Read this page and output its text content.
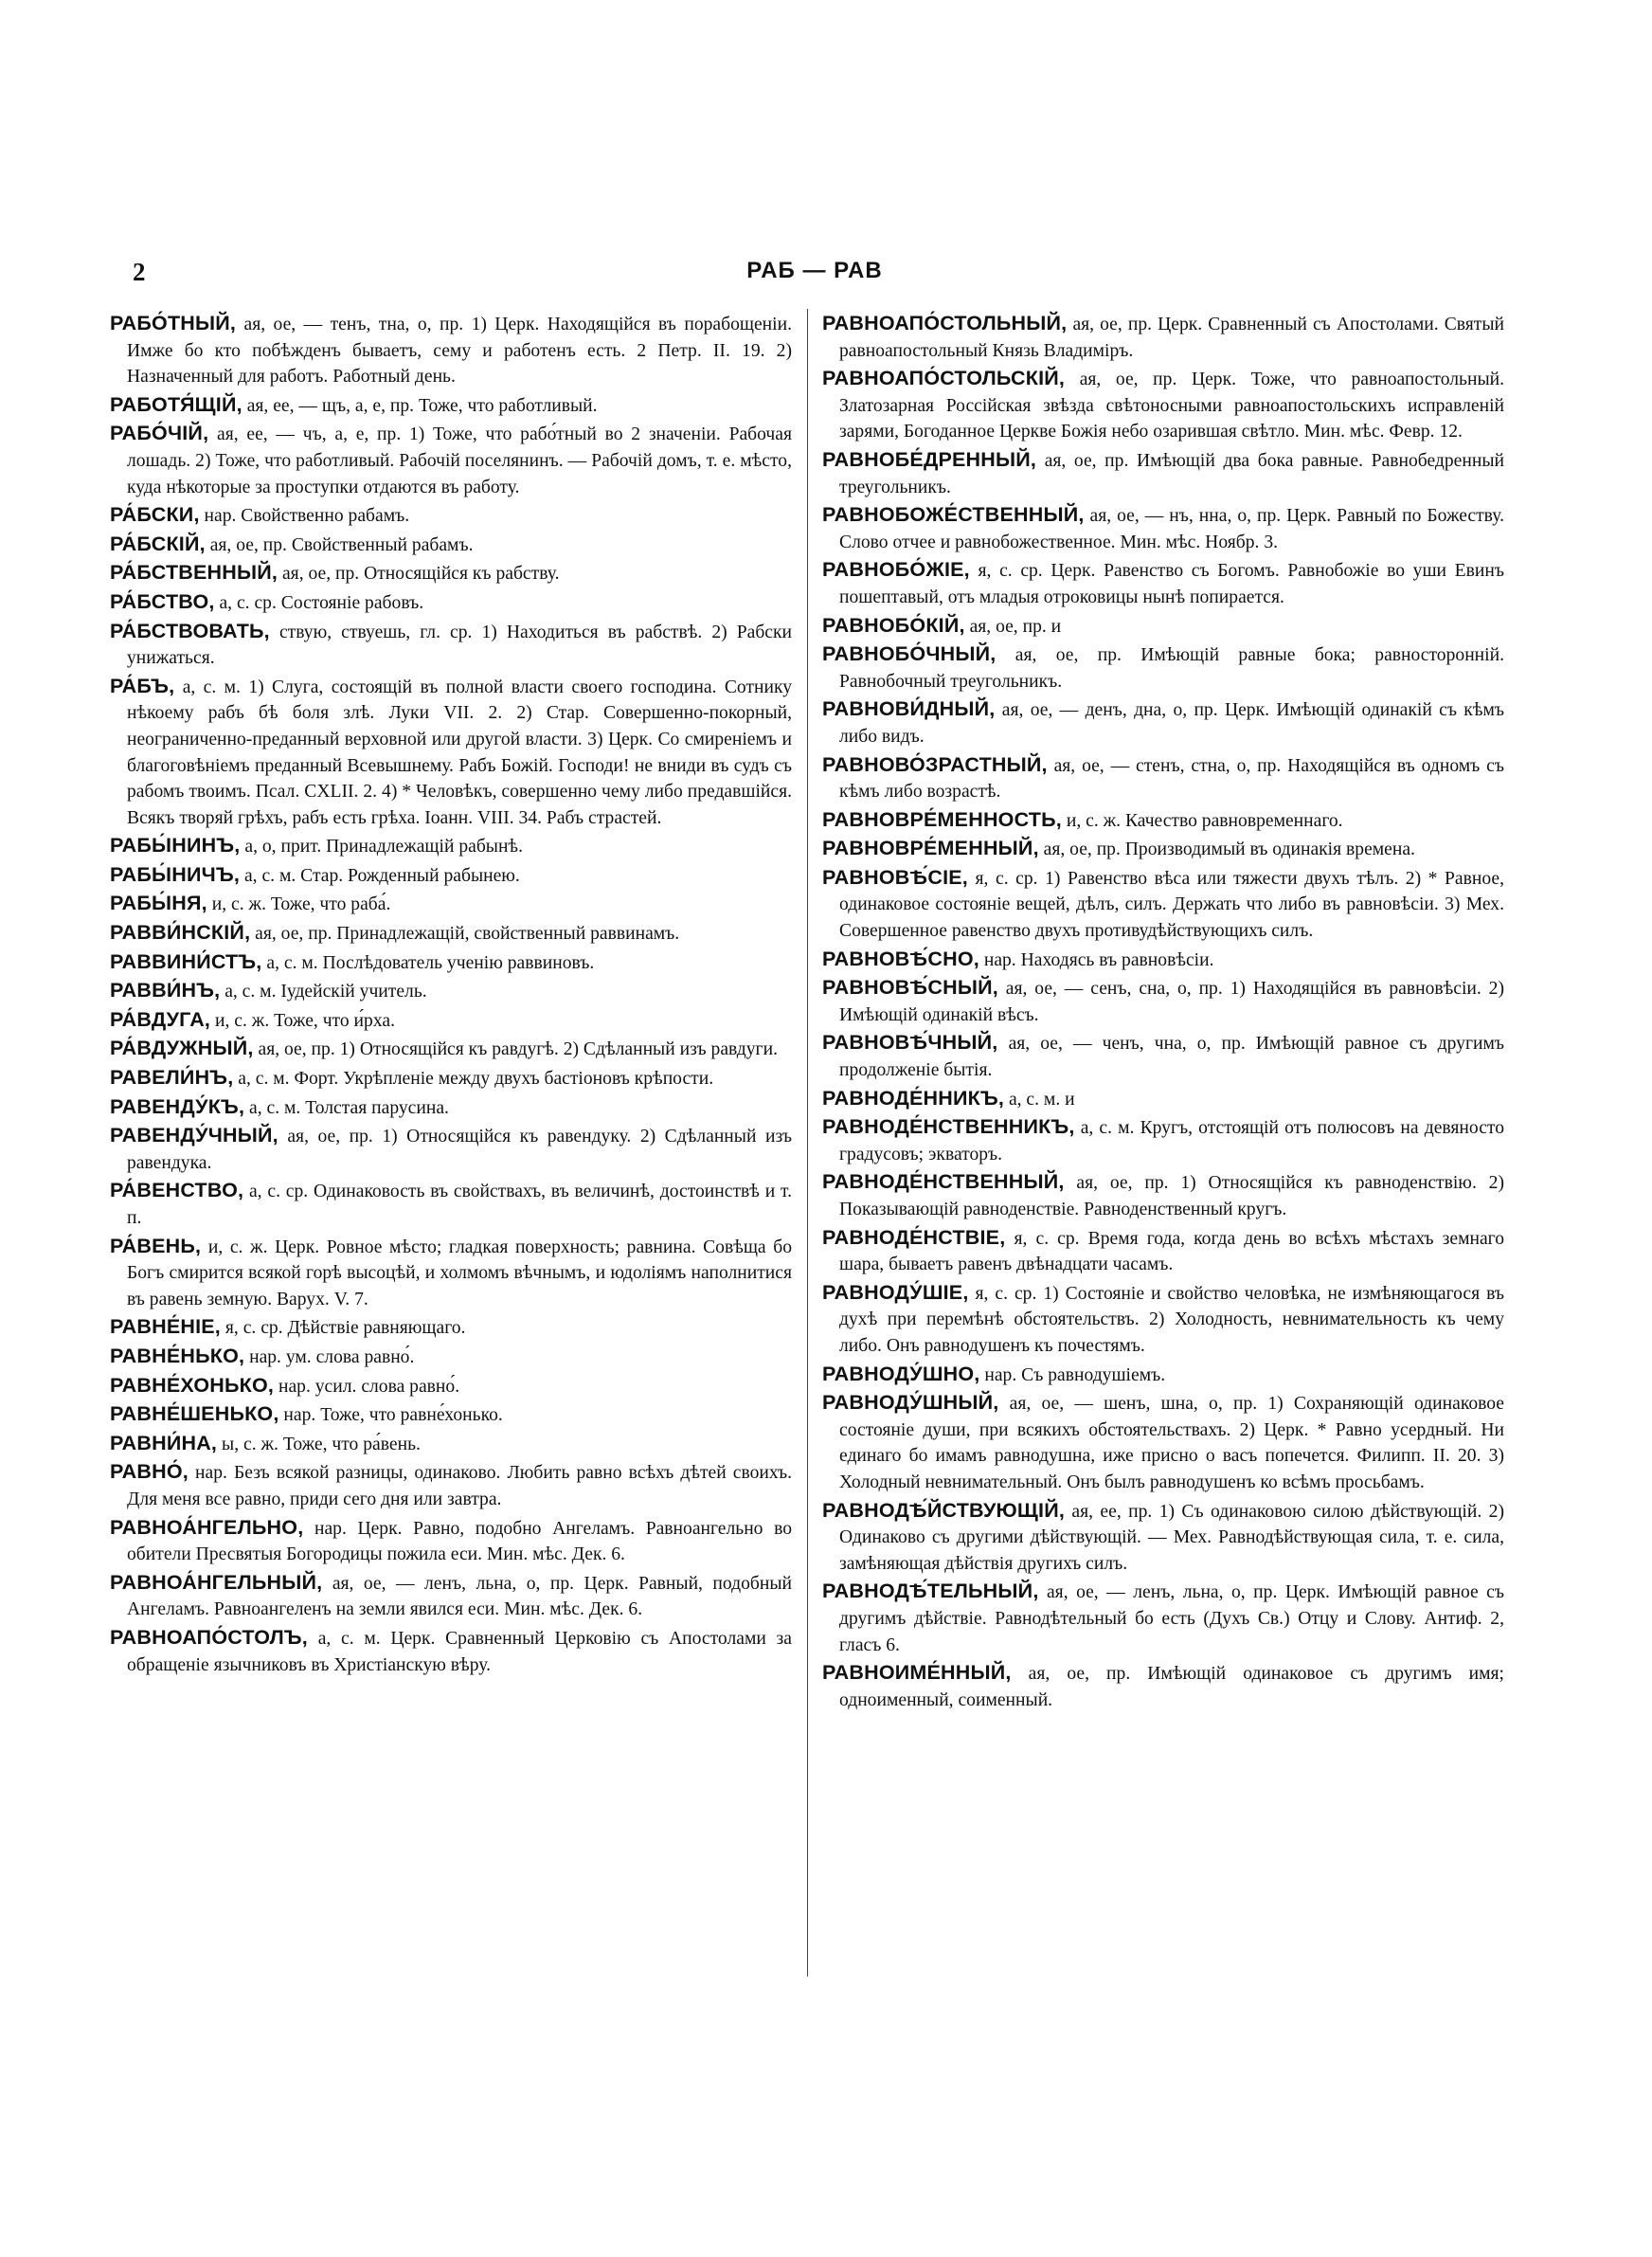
2	РАБ — РАВ

РАБО́ТНЫЙ, ая, ое, — тенъ, тна, о, пр. 1) Церк. Находящійся въ порабощеніи. Имже бо кто побѣжденъ бываетъ, сему и работенъ есть. 2 Петр. II. 19. 2) Назначенный для работъ. Работный день.

РАБОТЯ́ЩІЙ, ая, ее, — щъ, а, е, пр. Тоже, что работливый.

РАБО́ЧІЙ, ая, ее, — чъ, а, е, пр. 1) Тоже, что рабо́тный во 2 значеніи. Рабочая лошадь. 2) Тоже, что работливый. Рабочій поселянинъ. — Рабочій домъ, т. е. мѣсто, куда нѣкоторые за проступки отдаются въ работу.

РА́БСКИ, нар. Свойственно рабамъ.

РА́БСКІЙ, ая, ое, пр. Свойственный рабамъ.

РА́БСТВЕННЫЙ, ая, ое, пр. Относящійся къ рабству.

РА́БСТВО, а, с. ср. Состояніе рабовъ.

РА́БСТВОВАТЬ, ствую, ствуешь, гл. ср. 1) Находиться въ рабствѣ. 2) Рабски унижаться.

РА́БЪ, а, с. м. 1) Слуга, состоящій въ полной власти своего господина. Сотнику нѣкоему рабъ бѣ боля злѣ. Луки VII. 2. 2) Стар. Совершенно-покорный, неограниченно-преданный верховной или другой власти. 3) Церк. Со смиреніемъ и благоговѣніемъ преданный Всевышнему. Рабъ Божій. Господи! не вниди въ судъ съ рабомъ твоимъ. Псал. CXLII. 2. 4) * Человѣкъ, совершенно чему либо предавшійся. Всякъ творяй грѣхъ, рабъ есть грѣха. Іоанн. VIII. 34. Рабъ страстей.

РАБЫ́НИНЪ, а, о, прит. Принадлежащій рабынѣ.

РАБЫ́НИЧЪ, а, с. м. Стар. Рожденный рабынею.

РАБЫ́НЯ, и, с. ж. Тоже, что раба́.

РАВВИ́НСКІЙ, ая, ое, пр. Принадлежащій, свойственный раввинамъ.

РАВВИНИ́СТЪ, а, с. м. Послѣдователь ученію раввиновъ.

РАВВИ́НЪ, а, с. м. Іудейскій учитель.

РА́ВДУГА, и, с. ж. Тоже, что и́рха.

РА́ВДУЖНЫЙ, ая, ое, пр. 1) Относящійся къ равдугѣ. 2) Сдѣланный изъ равдуги.

РАВЕЛИ́НЪ, а, с. м. Форт. Укрѣпленіе между двухъ бастіоновъ крѣпости.

РАВЕНДУ́КЪ, а, с. м. Толстая парусина.

РАВЕНДУ́ЧНЫЙ, ая, ое, пр. 1) Относящійся къ равендуку. 2) Сдѣланный изъ равендука.

РА́ВЕНСТВО, а, с. ср. Одинаковость въ свойствахъ, въ величинѣ, достоинствѣ и т. п.

РА́ВЕНЬ, и, с. ж. Церк. Ровное мѣсто; гладкая поверхность; равнина. Совѣща бо Богъ смирится всякой горѣ высоцѣй, и холмомъ вѣчнымъ, и юдоліямъ наполнитися въ равень земную. Варух. V. 7.

РАВНЕ́НІЕ, я, с. ср. Дѣйствіе равняющаго.

РАВНЕ́НЬКО, нар. ум. слова равно́.

РАВНЕ́ХОНЬКО, нар. усил. слова равно́.

РАВНЕ́ШЕНЬКО, нар. Тоже, что равне́хонько.

РАВНИ́НА, ы, с. ж. Тоже, что ра́вень.

РАВНО́, нар. Безъ всякой разницы, одинаково. Любить равно всѣхъ дѣтей своихъ. Для меня все равно, приди сего дня или завтра.

РАВНОА́НГЕЛЬНО, нар. Церк. Равно, подобно Ангеламъ. Равноангельно во обители Пресвятыя Богородицы пожила еси. Мин. мѣс. Дек. 6.

РАВНОА́НГЕЛЬНЫЙ, ая, ое, — ленъ, льна, о, пр. Церк. Равный, подобный Ангеламъ. Равноангеленъ на земли явился еси. Мин. мѣс. Дек. 6.

РАВНОАПО́СТОЛЪ, а, с. м. Церк. Сравненный Церковію съ Апостолами за обращеніе язычниковъ въ Христіанскую вѣру.

РАВНОАПО́СТОЛЬНЫЙ, ая, ое, пр. Церк. Сравненный съ Апостолами. Святый равноапостольный Князь Владиміръ.

РАВНОАПО́СТОЛЬСКІЙ, ая, ое, пр. Церк. Тоже, что равноапостольный. Златозарная Россійская звѣзда свѣтоносными равноапостольскихъ исправленій зарями, Богоданное Церкве Божія небо озарившая свѣтло. Мин. мѣс. Февр. 12.

РАВНОБЕ́ДРЕННЫЙ, ая, ое, пр. Имѣющій два бока равные. Равнобедренный треугольникъ.

РАВНОБОЖЕ́СТВЕННЫЙ, ая, ое, — нъ, нна, о, пр. Церк. Равный по Божеству. Слово отчее и равнобожественное. Мин. мѣс. Ноябр. 3.

РАВНОБО́ЖІЕ, я, с. ср. Церк. Равенство съ Богомъ. Равнобожіе во уши Евинъ пошептавый, отъ младыя отроковицы нынѣ попирается.

РАВНОБО́КІЙ, ая, ое, пр. и

РАВНОБО́ЧНЫЙ, ая, ое, пр. Имѣющій равные бока; равносторонній. Равнобочный треугольникъ.

РАВНОВИ́ДНЫЙ, ая, ое, — денъ, дна, о, пр. Церк. Имѣющій одинакій съ кѣмъ либо видъ.

РАВНОВО́ЗРАСТНЫЙ, ая, ое, — стенъ, стна, о, пр. Находящійся въ одномъ съ кѣмъ либо возрастѣ.

РАВНОВРЕ́МЕННОСТЬ, и, с. ж. Качество равновременнаго.

РАВНОВРЕ́МЕННЫЙ, ая, ое, пр. Производимый въ одинакія времена.

РАВНОВѢ́СІЕ, я, с. ср. 1) Равенство вѣса или тяжести двухъ тѣлъ. 2) * Равное, одинаковое состояніе вещей, дѣлъ, силъ. Держать что либо въ равновѣсіи. 3) Мех. Совершенное равенство двухъ противудѣйствующихъ силъ.

РАВНОВѢ́СНО, нар. Находясь въ равновѣсіи.

РАВНОВѢ́СНЫЙ, ая, ое, — сенъ, сна, о, пр. 1) Находящійся въ равновѣсіи. 2) Имѣющій одинакій вѣсъ.

РАВНОВѢ́ЧНЫЙ, ая, ое, — ченъ, чна, о, пр. Имѣющій равное съ другимъ продолженіе бытія.

РАВНОДЕ́ННИКЪ, а, с. м. и

РАВНОДЕ́НСТВЕННИКЪ, а, с. м. Кругъ, отстоящій отъ полюсовъ на девяносто градусовъ; экваторъ.

РАВНОДЕ́НСТВЕННЫЙ, ая, ое, пр. 1) Относящійся къ равноденствію. 2) Показывающій равноденствіе. Равноденственный кругъ.

РАВНОДЕ́НСТВІЕ, я, с. ср. Время года, когда день во всѣхъ мѣстахъ земнаго шара, бываетъ равенъ двѣнадцати часамъ.

РАВНОДУ́ШІЕ, я, с. ср. 1) Состояніе и свойство человѣка, не измѣняющагося въ духѣ при перемѣнѣ обстоятельствъ. 2) Холодность, невнимательность къ чему либо. Онъ равнодушенъ къ почестямъ.

РАВНОДУ́ШНО, нар. Съ равнодушіемъ.

РАВНОДУ́ШНЫЙ, ая, ое, — шенъ, шна, о, пр. 1) Сохраняющій одинаковое состояніе души, при всякихъ обстоятельствахъ. 2) Церк. * Равно усердный. Ни единаго бо имамъ равнодушна, иже присно о васъ попечется. Филипп. II. 20. 3) Холодный невнимательный. Онъ былъ равнодушенъ ко всѣмъ просьбамъ.

РАВНОДѢ́ЙСТВУЮЩІЙ, ая, ее, пр. 1) Съ одинаковою силою дѣйствующій. 2) Одинаково съ другими дѣйствующій. — Мех. Равнодѣйствующая сила, т. е. сила, замѣняющая дѣйствія другихъ силъ.

РАВНОДѢ́ТЕЛЬНЫЙ, ая, ое, — ленъ, льна, о, пр. Церк. Имѣющій равное съ другимъ дѣйствіе. Равнодѣтельный бо есть (Духъ Св.) Отцу и Слову. Антиф. 2, гласъ 6.

РАВНОИМЕ́ННЫЙ, ая, ое, пр. Имѣющій одинаковое съ другимъ имя; одноименный, соименный.
